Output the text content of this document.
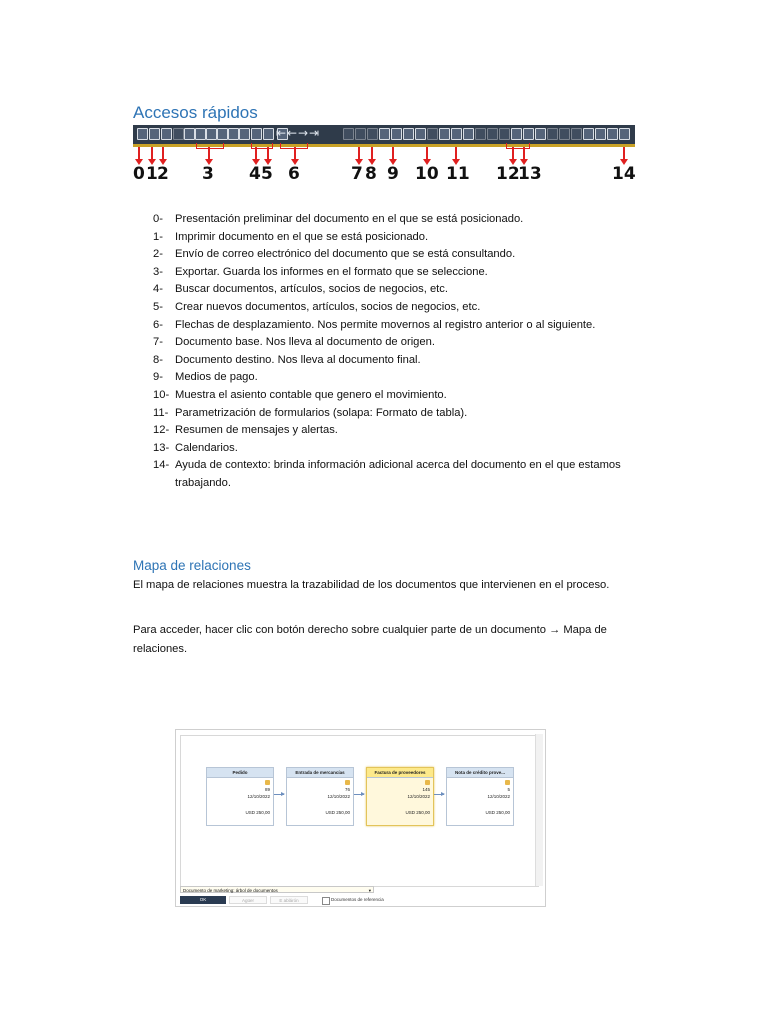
Accesos rápidos
⇤ ← → ⇥
0 1 2 3 4 5 6	7 8 9 10 11 12
13	14
0- Presentación preliminar del documento en el que se está posicionado.
1- Imprimir documento en el que se está posicionado.
2- Envío de correo electrónico del documento que se está consultando.
3- Exportar. Guarda los informes en el formato que se seleccione.
4- Buscar documentos, artículos, socios de negocios, etc.
5- Crear nuevos documentos, artículos, socios de negocios, etc.
6- Flechas de desplazamiento. Nos permite movernos al registro anterior o al siguiente.
7- Documento base. Nos lleva al documento de origen.
8- Documento destino. Nos lleva al documento final.
9- Medios de pago.
10- Muestra el asiento contable que genero el movimiento.
11- Parametrización de formularios (solapa: Formato de tabla).
12- Resumen de mensajes y alertas.
13- Calendarios.
14- Ayuda de contexto: brinda información adicional acerca del documento en el que estamos trabajando.
Mapa de relaciones
El mapa de relaciones muestra la trazabilidad de los documentos que intervienen en el proceso.
Para acceder, hacer clic con botón derecho sobre cualquier parte de un documento → Mapa de relaciones.
Pedido
89
12/10/2022
USD 250,00
Entrada de mercancías
76
12/10/2022
USD 250,00
Factura de proveedores
145
12/10/2022
USD 250,00
Nota de crédito prove...
5
12/10/2022
USD 250,00
Documento de marketing: árbol de documentos	▾
OK	Agüer	E ablárón	Documentos de referencia
